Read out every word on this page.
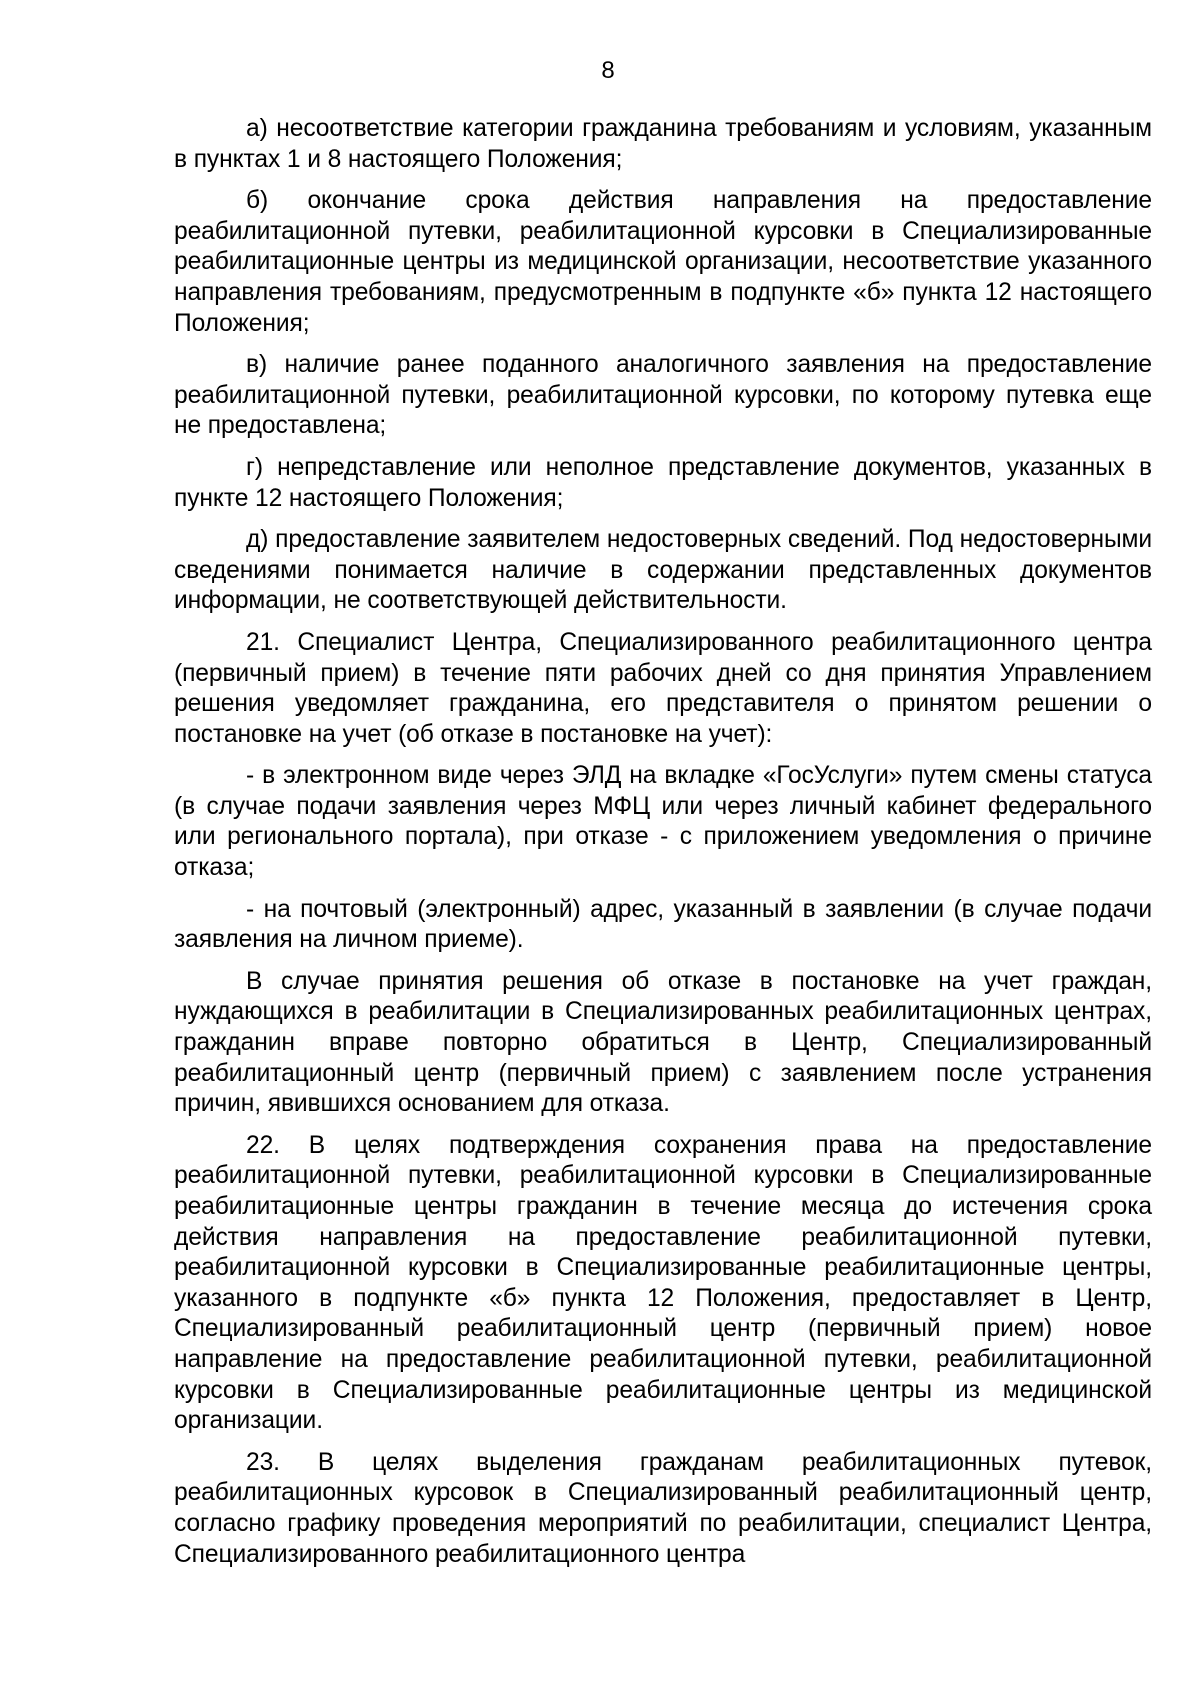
8

а) несоответствие категории гражданина требованиям и условиям, указанным в пунктах 1 и 8 настоящего Положения;

б) окончание срока действия направления на предоставление реабилитационной путевки, реабилитационной курсовки в Специализированные реабилитационные центры из медицинской организации, несоответствие указанного направления требованиям, предусмотренным в подпункте «б» пункта 12 настоящего Положения;

в) наличие ранее поданного аналогичного заявления на предоставление реабилитационной путевки, реабилитационной курсовки, по которому путевка еще не предоставлена;

г) непредставление или неполное представление документов, указанных в пункте 12 настоящего Положения;

д) предоставление заявителем недостоверных сведений. Под недостоверными сведениями понимается наличие в содержании представленных документов информации, не соответствующей действительности.

21. Специалист Центра, Специализированного реабилитационного центра (первичный прием) в течение пяти рабочих дней со дня принятия Управлением решения уведомляет гражданина, его представителя о принятом решении о постановке на учет (об отказе в постановке на учет):

- в электронном виде через ЭЛД на вкладке «ГосУслуги» путем смены статуса (в случае подачи заявления через МФЦ или через личный кабинет федерального или регионального портала), при отказе - с приложением уведомления о причине отказа;

- на почтовый (электронный) адрес, указанный в заявлении (в случае подачи заявления на личном приеме).

В случае принятия решения об отказе в постановке на учет граждан, нуждающихся в реабилитации в Специализированных реабилитационных центрах, гражданин вправе повторно обратиться в Центр, Специализированный реабилитационный центр (первичный прием) с заявлением после устранения причин, явившихся основанием для отказа.

22. В целях подтверждения сохранения права на предоставление реабилитационной путевки, реабилитационной курсовки в Специализированные реабилитационные центры гражданин в течение месяца до истечения срока действия направления на предоставление реабилитационной путевки, реабилитационной курсовки в Специализированные реабилитационные центры, указанного в подпункте «б» пункта 12 Положения, предоставляет в Центр, Специализированный реабилитационный центр (первичный прием) новое направление на предоставление реабилитационной путевки, реабилитационной курсовки в Специализированные реабилитационные центры из медицинской организации.

23. В целях выделения гражданам реабилитационных путевок, реабилитационных курсовок в Специализированный реабилитационный центр, согласно графику проведения мероприятий по реабилитации, специалист Центра, Специализированного реабилитационного центра
